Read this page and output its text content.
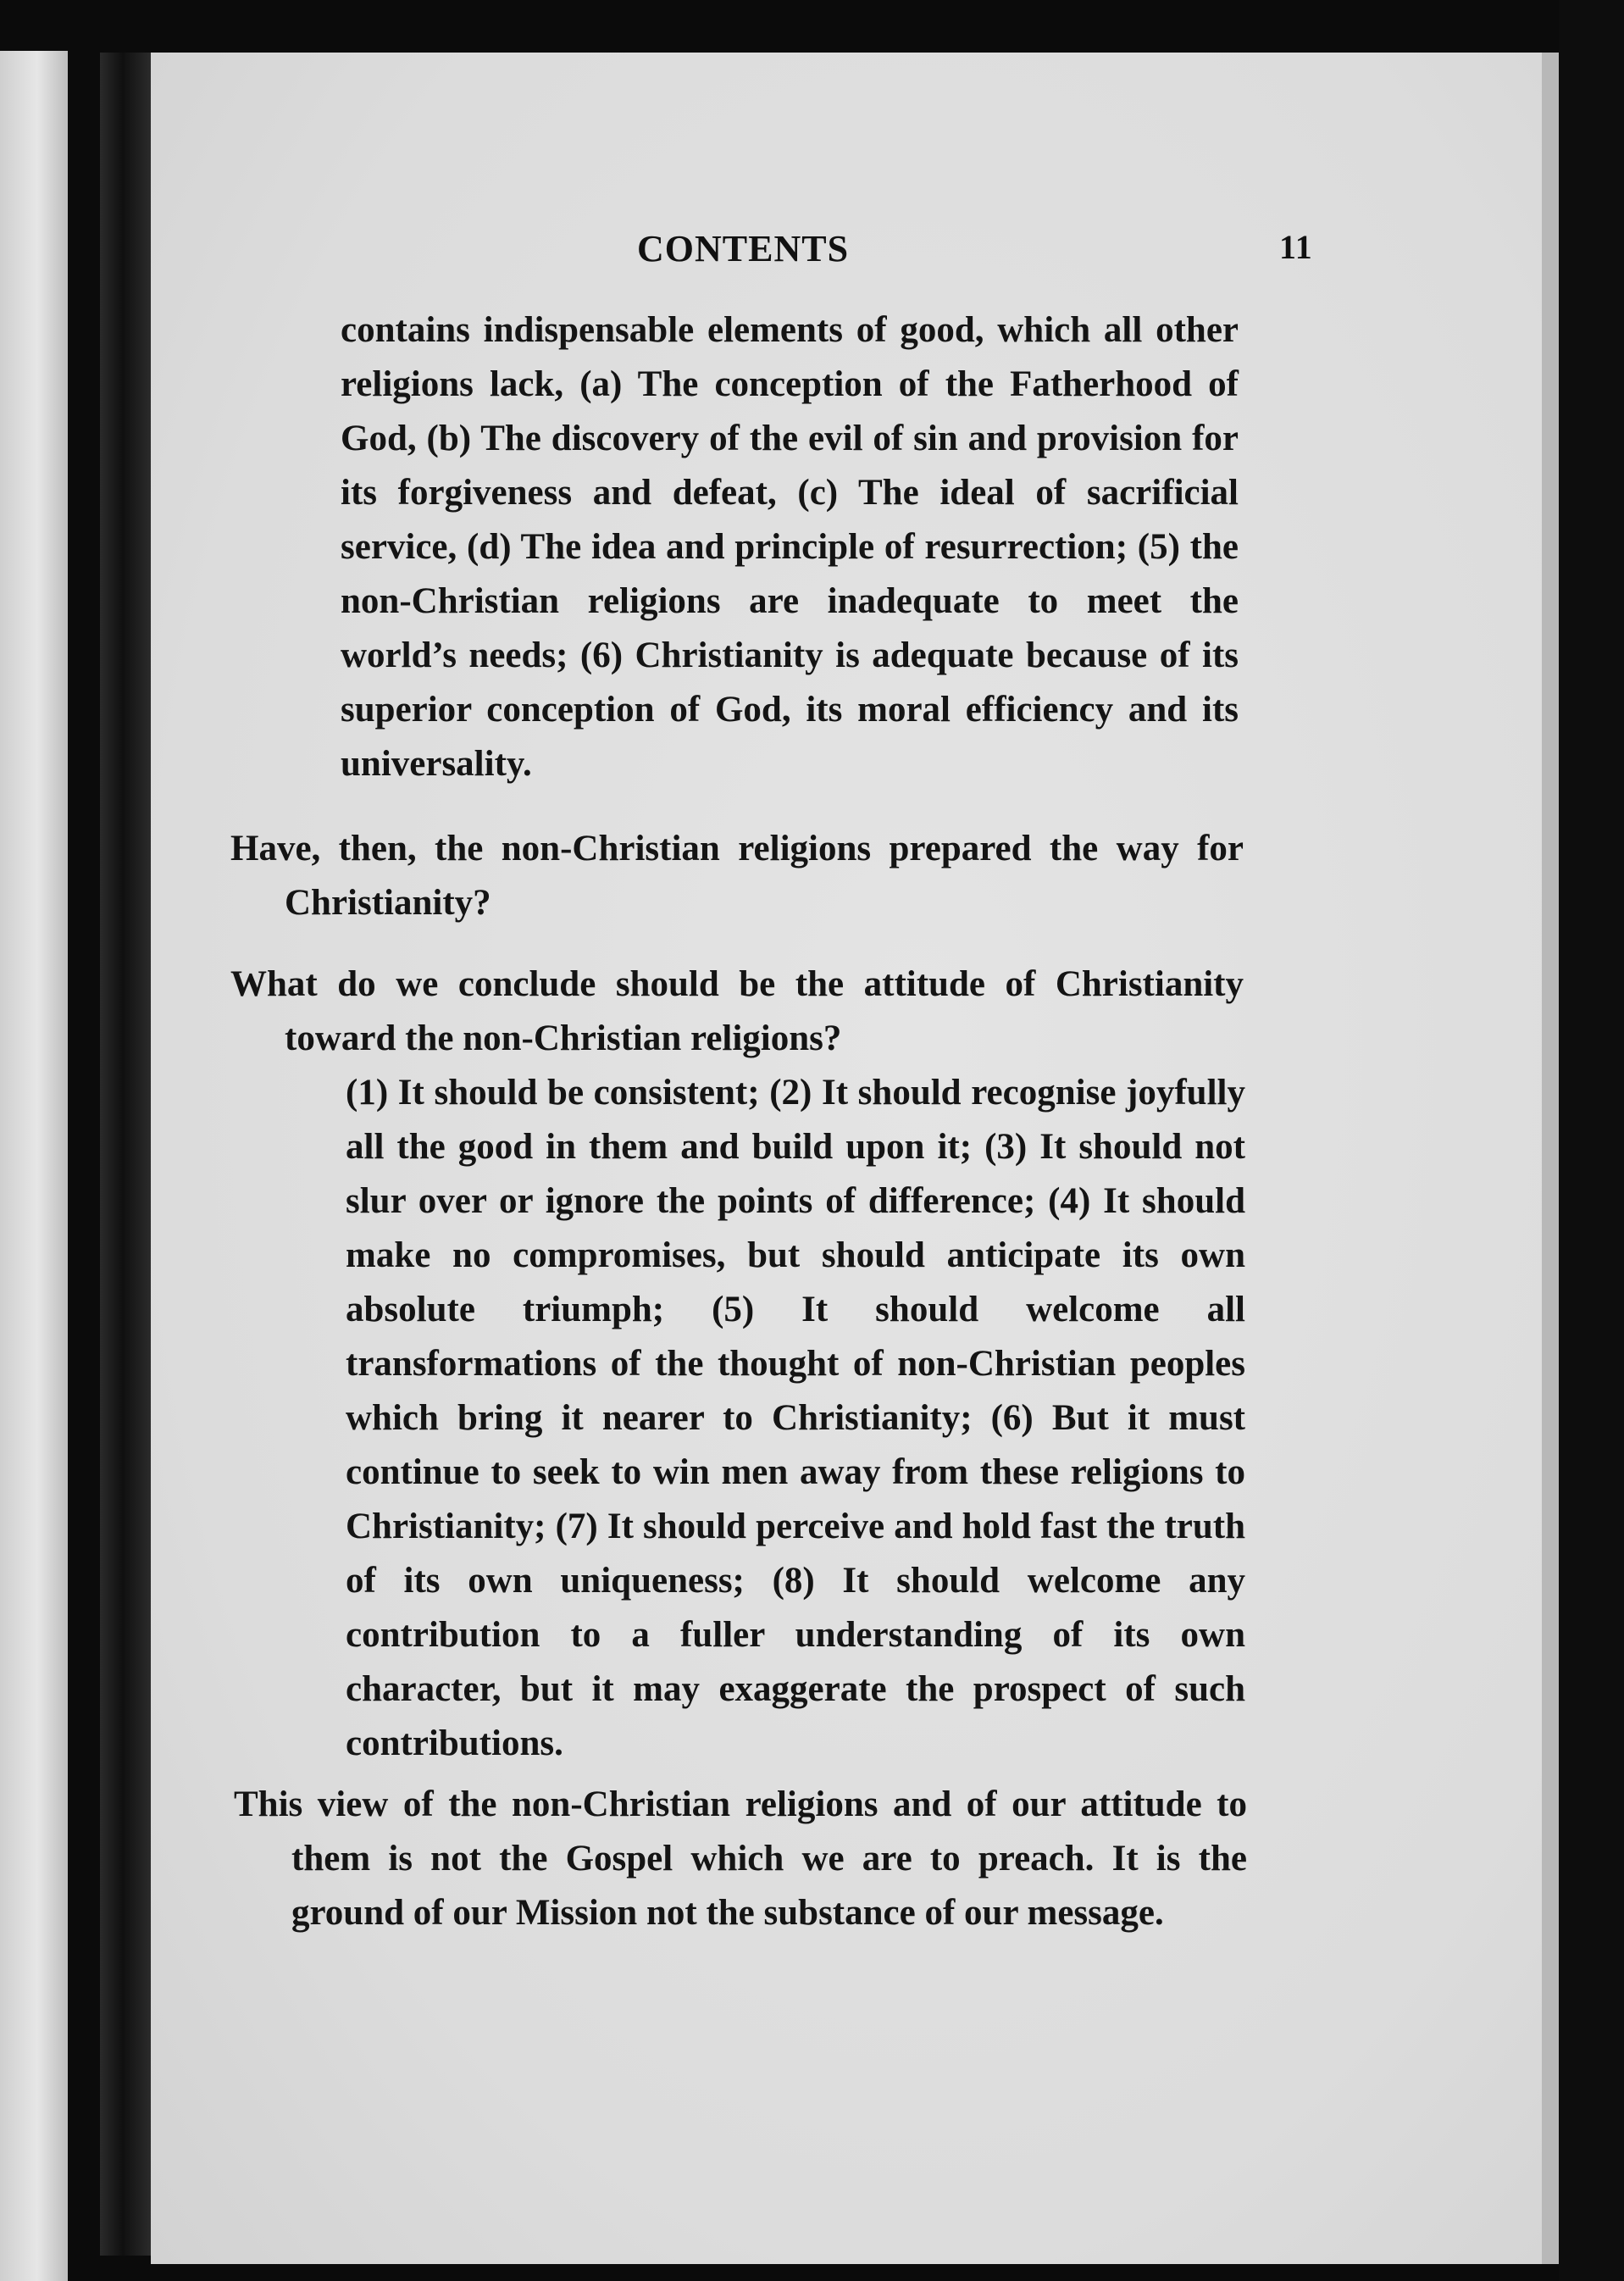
CONTENTS	11

contains indispensable elements of good, which all other religions lack, (a) The conception of the Fatherhood of God, (b) The discovery of the evil of sin and provision for its forgiveness and defeat, (c) The ideal of sacrificial service, (d) The idea and principle of resurrection; (5) the non-Christian religions are inadequate to meet the world’s needs; (6) Christianity is adequate because of its superior conception of God, its moral efficiency and its universality.

Have, then, the non-Christian religions prepared the way for Christianity?

What do we conclude should be the attitude of Christianity toward the non-Christian religions?

(1) It should be consistent; (2) It should recognise joyfully all the good in them and build upon it; (3) It should not slur over or ignore the points of difference; (4) It should make no compromises, but should anticipate its own absolute triumph; (5) It should welcome all transformations of the thought of non-Christian peoples which bring it nearer to Christianity; (6) But it must continue to seek to win men away from these religions to Christianity; (7) It should perceive and hold fast the truth of its own uniqueness; (8) It should welcome any contribution to a fuller understanding of its own character, but it may exaggerate the prospect of such contributions.

This view of the non-Christian religions and of our attitude to them is not the Gospel which we are to preach. It is the ground of our Mission not the substance of our message.
